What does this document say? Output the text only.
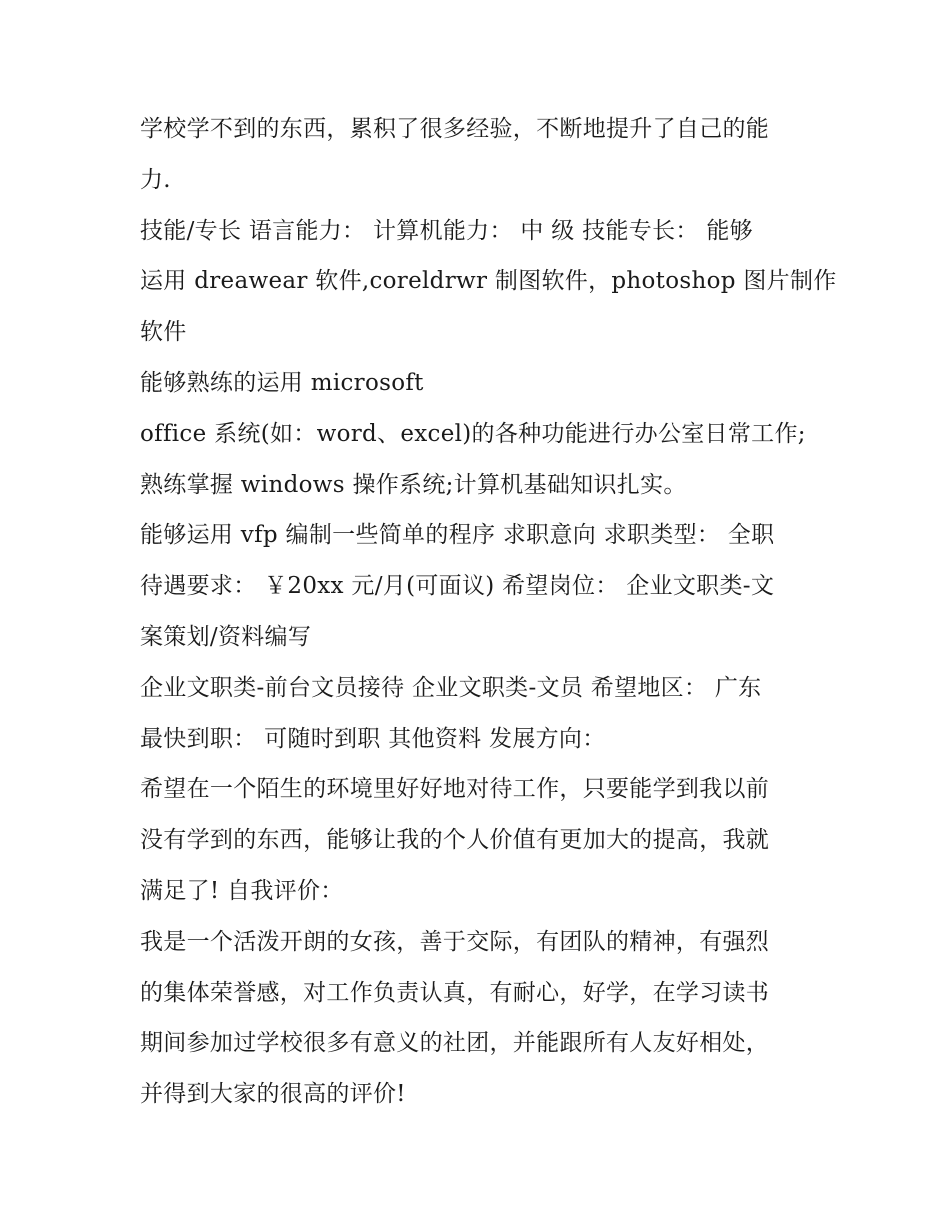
学校学不到的东西，累积了很多经验，不断地提升了自己的能
力.
技能/专长 语言能力： 计算机能力： 中 级 技能专长： 能够
运用 dreawear 软件,coreldrwr 制图软件，photoshop 图片制作
软件
能够熟练的运用 microsoft
office 系统(如：word、excel)的各种功能进行办公室日常工作;
熟练掌握 windows 操作系统;计算机基础知识扎实。
能够运用 vfp 编制一些简单的程序 求职意向 求职类型： 全职
待遇要求： ￥20xx 元/月(可面议) 希望岗位： 企业文职类-文
案策划/资料编写
企业文职类-前台文员接待 企业文职类-文员 希望地区： 广东
最快到职： 可随时到职 其他资料 发展方向：
希望在一个陌生的环境里好好地对待工作，只要能学到我以前
没有学到的东西，能够让我的个人价值有更加大的提高，我就
满足了! 自我评价：
我是一个活泼开朗的女孩，善于交际，有团队的精神，有强烈
的集体荣誉感，对工作负责认真，有耐心，好学，在学习读书
期间参加过学校很多有意义的社团，并能跟所有人友好相处，
并得到大家的很高的评价!
